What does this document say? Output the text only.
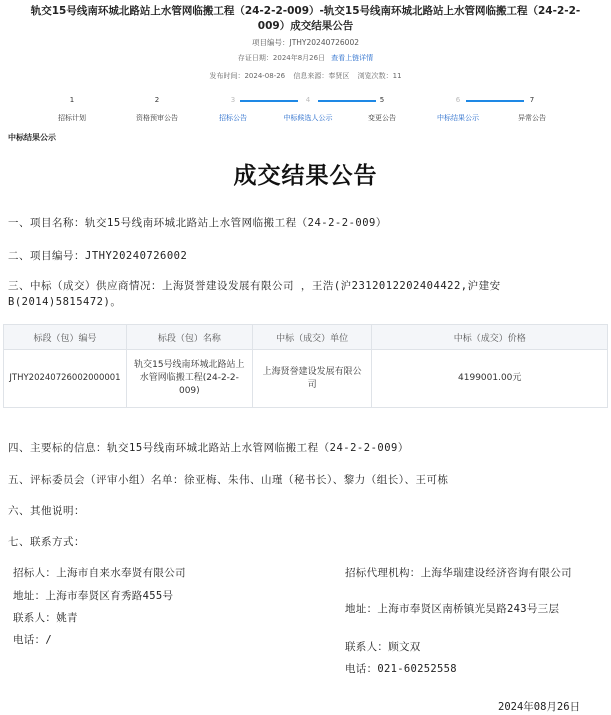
轨交15号线南环城北路站上水管网临搬工程（24-2-2-009）-轨交15号线南环城北路站上水管网临搬工程（24-2-2-009）成交结果公告
项目编号：JTHY20240726002
存证日期：2024年8月26日 查看上链详情
发布时间：2024-08-26 信息来源：奉贤区 浏览次数：11
1
招标计划
2
资格预审公告
3
招标公告
4
中标候选人公示
5
变更公告
6
中标结果公示
7
异常公告
中标结果公示
成交结果公告
一、项目名称：轨交15号线南环城北路站上水管网临搬工程（24-2-2-009）
二、项目编号：JTHY20240726002
三、中标（成交）供应商情况：上海贤誉建设发展有限公司 ，王浩(沪2312012202404422,沪建安B(2014)5815472)。
标段（包）编号	标段（包）名称	中标（成交）单位	中标（成交）价格
JTHY20240726002000001	轨交15号线南环城北路站上水管网临搬工程(24-2-2-009)	上海贤誉建设发展有限公司	4199001.00元
四、主要标的信息：轨交15号线南环城北路站上水管网临搬工程（24-2-2-009）
五、评标委员会（评审小组）名单：徐亚梅、朱伟、山瑾（秘书长）、黎力（组长）、王可栋
六、其他说明：
七、联系方式：
招标人：上海市自来水奉贤有限公司
地址：上海市奉贤区育秀路455号
联系人：姚青
电话：/
招标代理机构：上海华瑞建设经济咨询有限公司
地址：上海市奉贤区南桥镇光昊路243号三层
联系人：顾文双
电话：021-60252558
2024年08月26日
